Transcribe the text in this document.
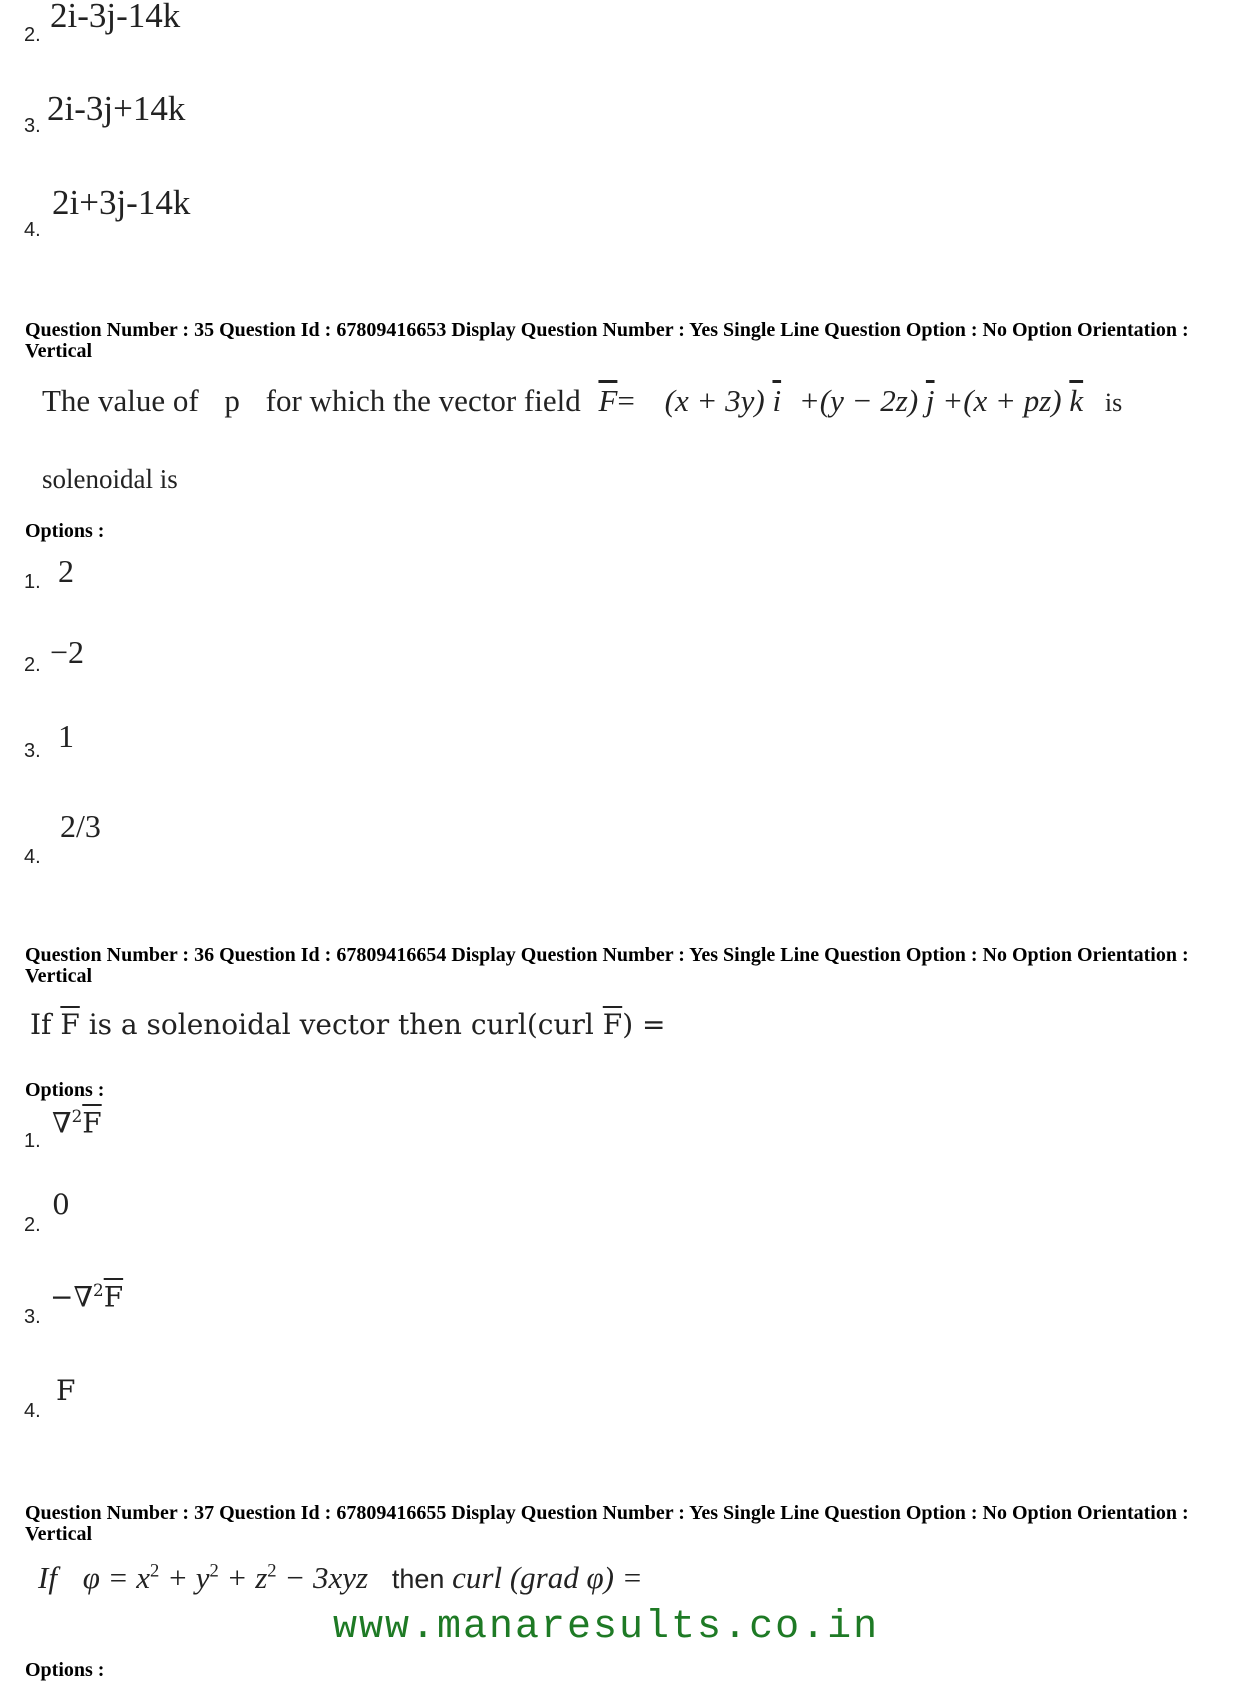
2. 2i-3j-14k
3. 2i-3j+14k
4.
2i+3j-14k
Question Number : 35 Question Id : 67809416653 Display Question Number : Yes Single Line Question Option : No Option Orientation : Vertical
The value of p for which the vector field $\overline{F}= (x + 3y)$ $\overline{i} +(y - 2z)$ $\overline{j} +(x + pz)$ $\overline{k}$ is
solenoidal is
Options :
1. 2
2. −2
3. 1
4.
2/3
Question Number : 36 Question Id : 67809416654 Display Question Number : Yes Single Line Question Option : No Option Orientation : Vertical
If $\overline{F}$ is a solenoidal vector then curl(curl $\overline{F}$) =
Options :
1.
$\nabla^2\overline{F}$
2.
0
3.
$-\nabla^2\overline{F}$
4.
F
Question Number : 37 Question Id : 67809416655 Display Question Number : Yes Single Line Question Option : No Option Orientation : Vertical
If $\varphi = x^2 + y^2 + z^2 - 3xyz$ then curl (grad φ) =
www.manaresults.co.in
Options :
